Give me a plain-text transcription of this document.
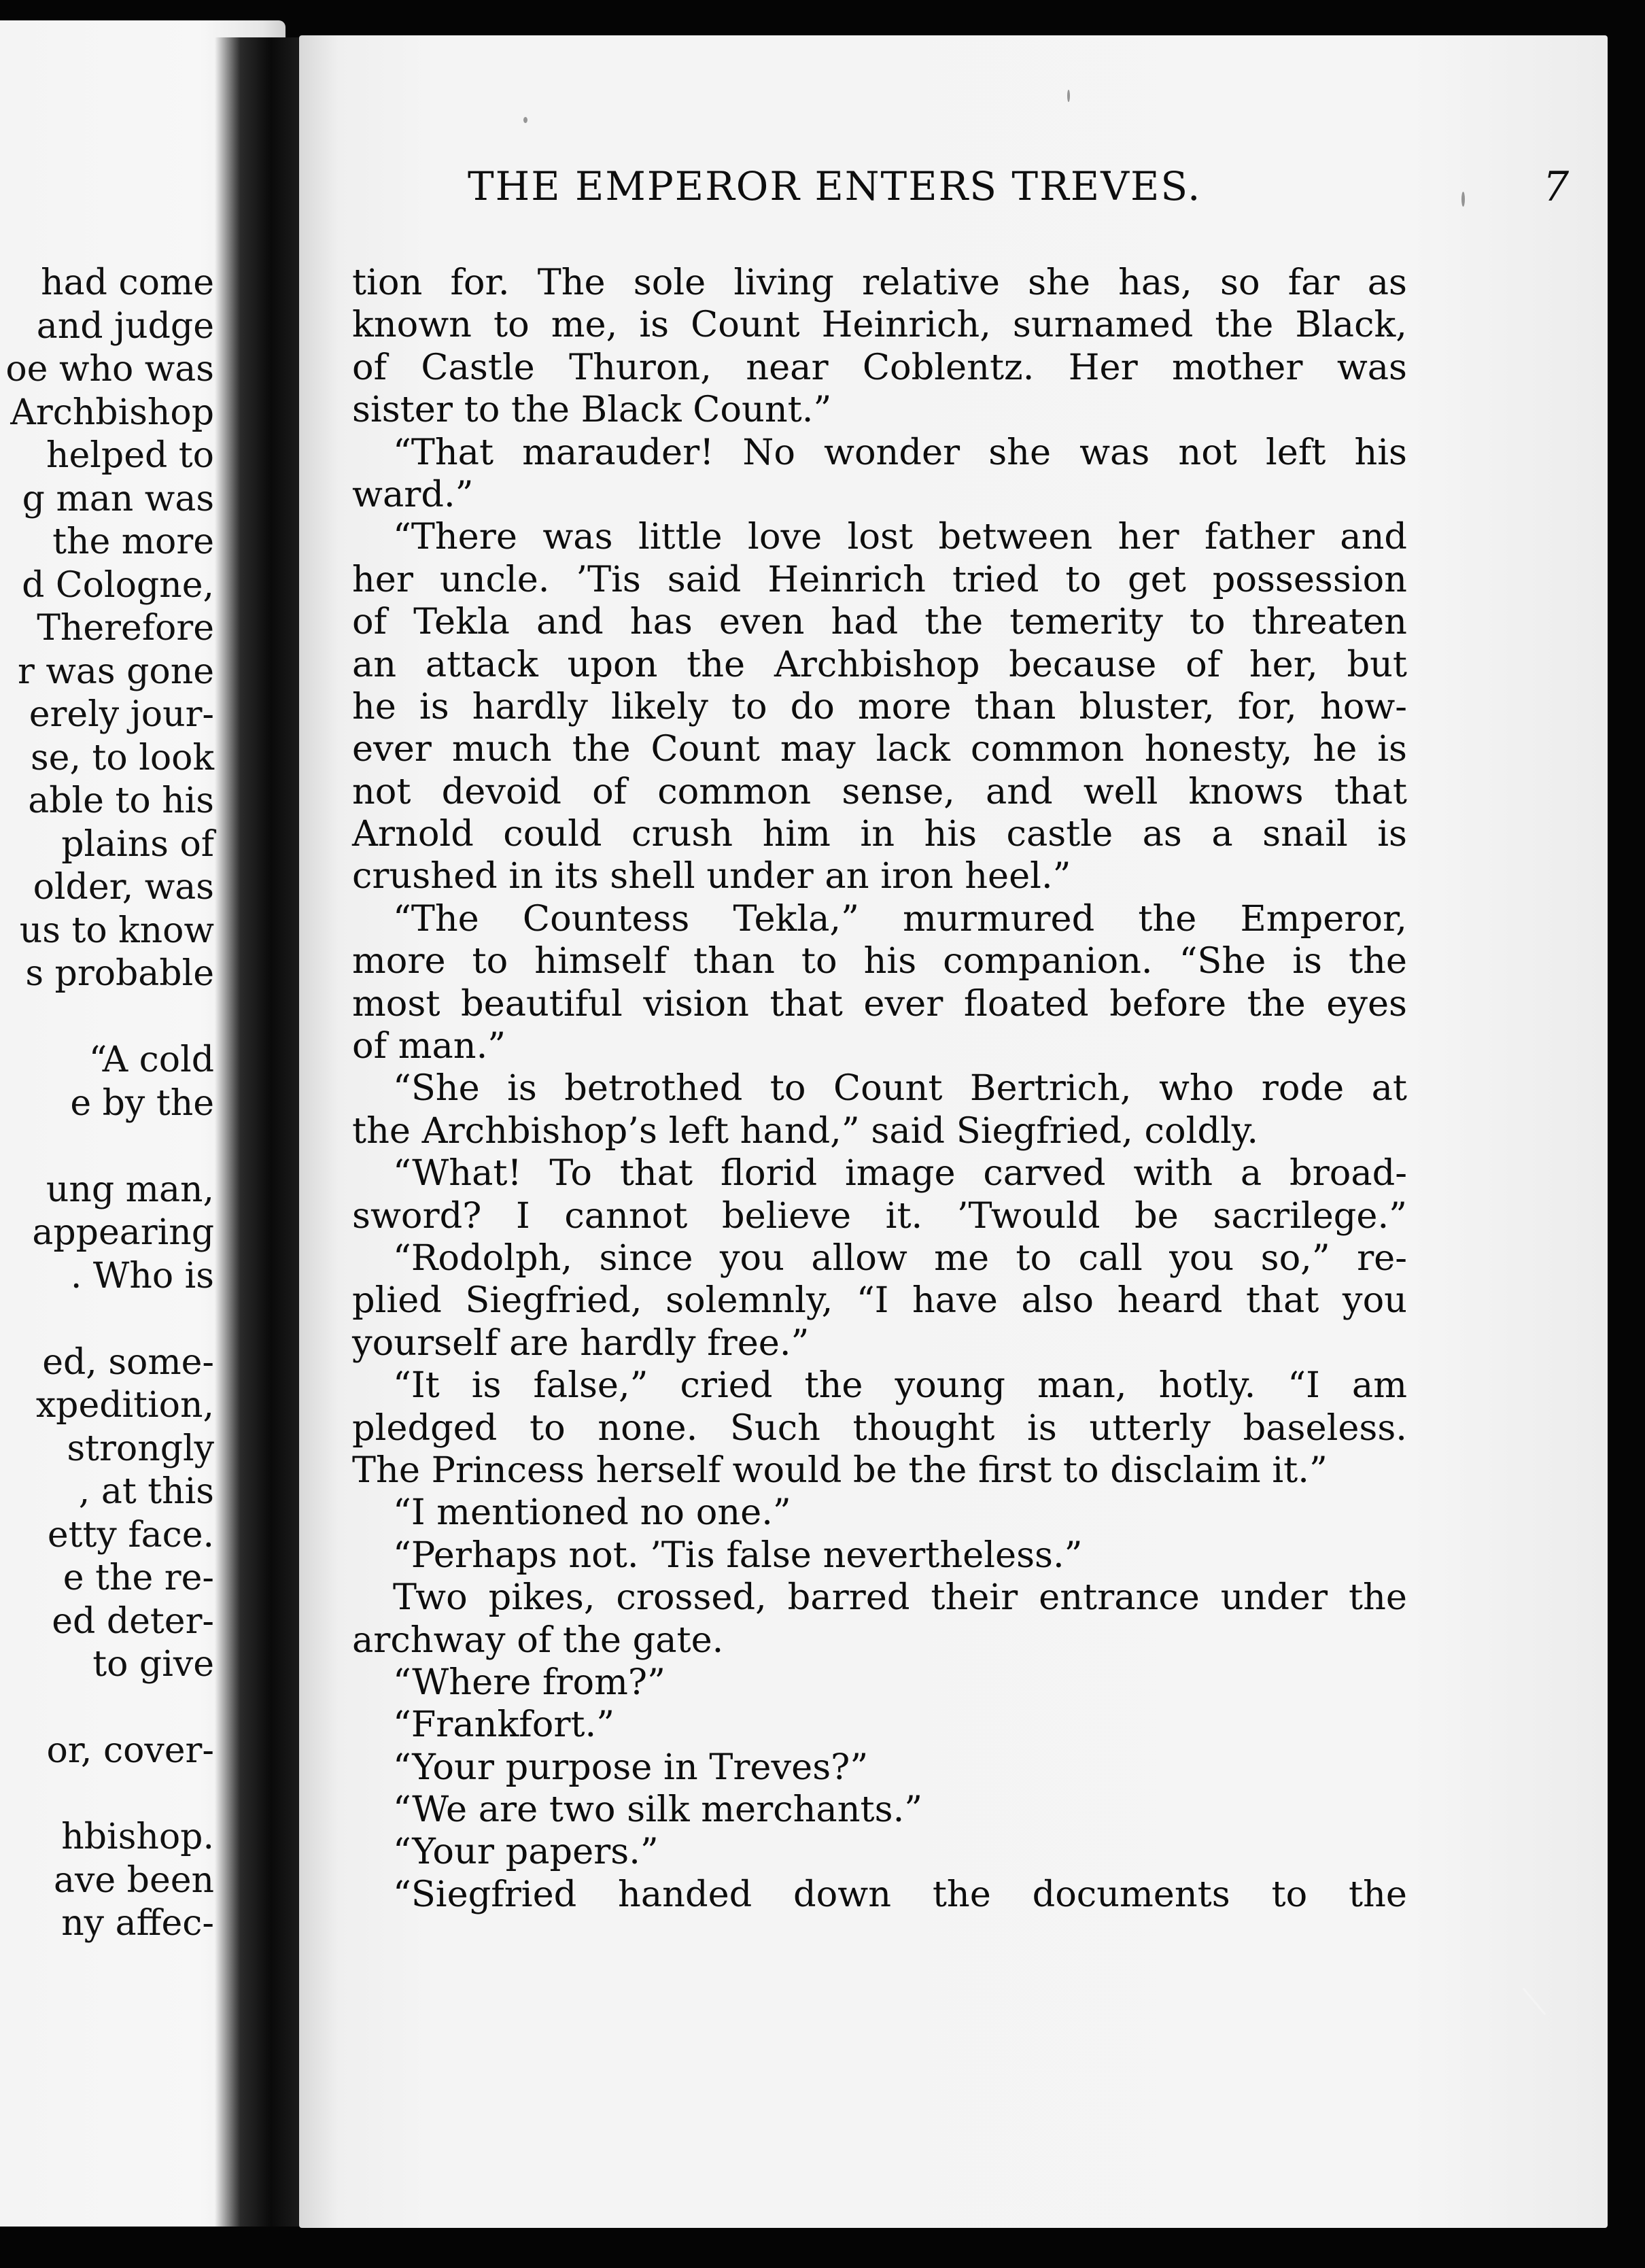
had come
and judge
oe who was
Archbishop
helped to
g man was
the more
d Cologne,
Therefore
r was gone
erely jour-
se, to look
able to his
plains of
older, was
us to know
s probable
“A cold
e by the
ung man,
appearing
. Who is
ed, some-
xpedition,
strongly
, at this
etty face.
e the re-
ed deter-
to give
or, cover-
hbishop.
ave been
ny affec-
THE EMPEROR ENTERS TREVES.	7
tion for. The sole living relative she has, so far as
known to me, is Count Heinrich, surnamed the Black,
of Castle Thuron, near Coblentz. Her mother was
sister to the Black Count.”
“That marauder! No wonder she was not left his
ward.”
“There was little love lost between her father and
her uncle. ’Tis said Heinrich tried to get possession
of Tekla and has even had the temerity to threaten
an attack upon the Archbishop because of her, but
he is hardly likely to do more than bluster, for, how-
ever much the Count may lack common honesty, he is
not devoid of common sense, and well knows that
Arnold could crush him in his castle as a snail is
crushed in its shell under an iron heel.”
“The Countess Tekla,” murmured the Emperor,
more to himself than to his companion. “She is the
most beautiful vision that ever floated before the eyes
of man.”
“She is betrothed to Count Bertrich, who rode at
the Archbishop’s left hand,” said Siegfried, coldly.
“What! To that florid image carved with a broad-
sword? I cannot believe it. ’Twould be sacrilege.”
“Rodolph, since you allow me to call you so,” re-
plied Siegfried, solemnly, “I have also heard that you
yourself are hardly free.”
“It is false,” cried the young man, hotly. “I am
pledged to none. Such thought is utterly baseless.
The Princess herself would be the first to disclaim it.”
“I mentioned no one.”
“Perhaps not. ’Tis false nevertheless.”
Two pikes, crossed, barred their entrance under the
archway of the gate.
“Where from?”
“Frankfort.”
“Your purpose in Treves?”
“We are two silk merchants.”
“Your papers.”
“Siegfried handed down the documents to the
